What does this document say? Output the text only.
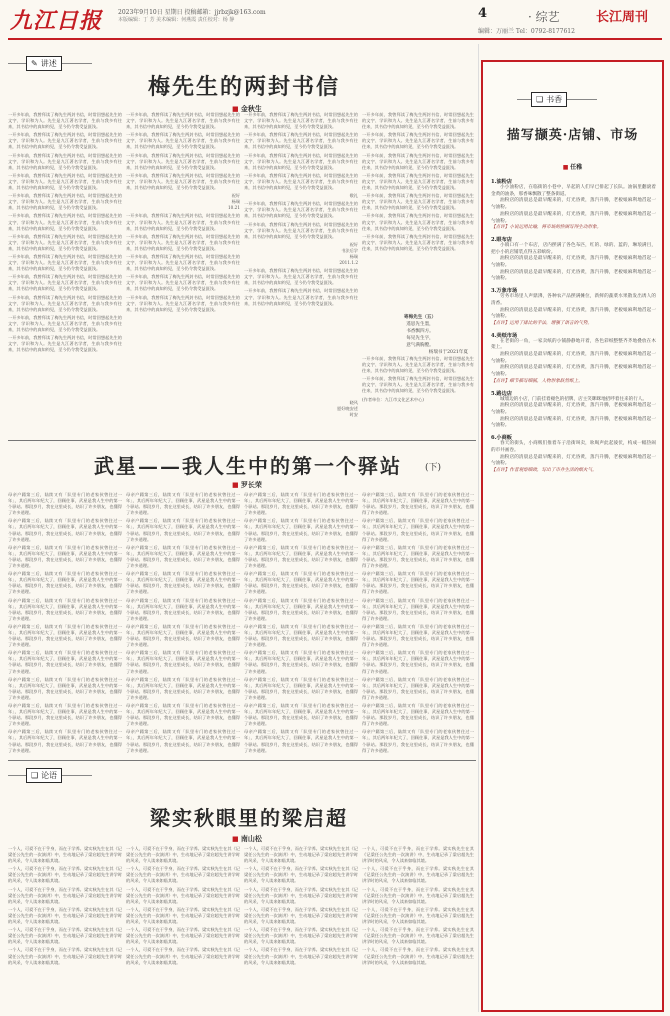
九江日报	2023年9月10日 星期日 投稿邮箱：jjrbzjk@163.com
本版编辑：丁 芳 美术编辑：何燕霞 责任校对：杨 静	4	· 综艺	长江周刊
编辑：万丽兰 Tel：0792-8177612
✎ 讲述
梅先生的两封书信
■ 金秋生

一开多年前，我曾拜读了梅先生两封书信，时常回想起先生的文字、学识和为人。先生是九江著名学者，生前与我多有往来，其书信中的真知灼见，至今仍令我受益匪浅。

一开多年前，我曾拜读了梅先生两封书信，时常回想起先生的文字、学识和为人。先生是九江著名学者，生前与我多有往来，其书信中的真知灼见，至今仍令我受益匪浅。

一开多年前，我曾拜读了梅先生两封书信，时常回想起先生的文字、学识和为人。先生是九江著名学者，生前与我多有往来，其书信中的真知灼见，至今仍令我受益匪浅。

一开多年前，我曾拜读了梅先生两封书信，时常回想起先生的文字、学识和为人。先生是九江著名学者，生前与我多有往来，其书信中的真知灼见，至今仍令我受益匪浅。

一开多年前，我曾拜读了梅先生两封书信，时常回想起先生的文字、学识和为人。先生是九江著名学者，生前与我多有往来，其书信中的真知灼见，至今仍令我受益匪浅。

一开多年前，我曾拜读了梅先生两封书信，时常回想起先生的文字、学识和为人。先生是九江著名学者，生前与我多有往来，其书信中的真知灼见，至今仍令我受益匪浅。

一开多年前，我曾拜读了梅先生两封书信，时常回想起先生的文字、学识和为人。先生是九江著名学者，生前与我多有往来，其书信中的真知灼见，至今仍令我受益匪浅。

一开多年前，我曾拜读了梅先生两封书信，时常回想起先生的文字、学识和为人。先生是九江著名学者，生前与我多有往来，其书信中的真知灼见，至今仍令我受益匪浅。

一开多年前，我曾拜读了梅先生两封书信，时常回想起先生的文字、学识和为人。先生是九江著名学者，生前与我多有往来，其书信中的真知灼见，至今仍令我受益匪浅。

一开多年前，我曾拜读了梅先生两封书信，时常回想起先生的文字、学识和为人。先生是九江著名学者，生前与我多有往来，其书信中的真知灼见，至今仍令我受益匪浅。

一开多年前，我曾拜读了梅先生两封书信，时常回想起先生的文字、学识和为人。先生是九江著名学者，生前与我多有往来，其书信中的真知灼见，至今仍令我受益匪浅。

一开多年前，我曾拜读了梅先生两封书信，时常回想起先生的文字、学识和为人。先生是九江著名学者，生前与我多有往来，其书信中的真知灼见，至今仍令我受益匪浅。

一开多年前，我曾拜读了梅先生两封书信，时常回想起先生的文字、学识和为人。先生是九江著名学者，生前与我多有往来，其书信中的真知灼见，至今仍令我受益匪浅。

一开多年前，我曾拜读了梅先生两封书信，时常回想起先生的文字、学识和为人。先生是九江著名学者，生前与我多有往来，其书信中的真知灼见，至今仍令我受益匪浅。

一开多年前，我曾拜读了梅先生两封书信，时常回想起先生的文字、学识和为人。先生是九江著名学者，生前与我多有往来，其书信中的真知灼见，至今仍令我受益匪浅。

一开多年前，我曾拜读了梅先生两封书信，时常回想起先生的文字、学识和为人。先生是九江著名学者，生前与我多有往来，其书信中的真知灼见，至今仍令我受益匪浅。

祝好

杨瑞

10.21

一开多年前，我曾拜读了梅先生两封书信，时常回想起先生的文字、学识和为人。先生是九江著名学者，生前与我多有往来，其书信中的真知灼见，至今仍令我受益匪浅。

一开多年前，我曾拜读了梅先生两封书信，时常回想起先生的文字、学识和为人。先生是九江著名学者，生前与我多有往来，其书信中的真知灼见，至今仍令我受益匪浅。

一开多年前，我曾拜读了梅先生两封书信，时常回想起先生的文字、学识和为人。先生是九江著名学者，生前与我多有往来，其书信中的真知灼见，至今仍令我受益匪浅。

一开多年前，我曾拜读了梅先生两封书信，时常回想起先生的文字、学识和为人。先生是九江著名学者，生前与我多有往来，其书信中的真知灼见，至今仍令我受益匪浅。

一开多年前，我曾拜读了梅先生两封书信，时常回想起先生的文字、学识和为人。先生是九江著名学者，生前与我多有往来，其书信中的真知灼见，至今仍令我受益匪浅。

一开多年前，我曾拜读了梅先生两封书信，时常回想起先生的文字、学识和为人。先生是九江著名学者，生前与我多有往来，其书信中的真知灼见，至今仍令我受益匪浅。

一开多年前，我曾拜读了梅先生两封书信，时常回想起先生的文字、学识和为人。先生是九江著名学者，生前与我多有往来，其书信中的真知灼见，至今仍令我受益匪浅。

一开多年前，我曾拜读了梅先生两封书信，时常回想起先生的文字、学识和为人。先生是九江著名学者，生前与我多有往来，其书信中的真知灼见，至今仍令我受益匪浅。

一开多年前，我曾拜读了梅先生两封书信，时常回想起先生的文字、学识和为人。先生是九江著名学者，生前与我多有往来，其书信中的真知灼见，至今仍令我受益匪浅。

敬礼

一开多年前，我曾拜读了梅先生两封书信，时常回想起先生的文字、学识和为人。先生是九江著名学者，生前与我多有往来，其书信中的真知灼见，至今仍令我受益匪浅。

一开多年前，我曾拜读了梅先生两封书信，时常回想起先生的文字、学识和为人。先生是九江著名学者，生前与我多有往来，其书信中的真知灼见，至今仍令我受益匪浅。

祝好

书法后学

杨瑞

2011.1.2

一开多年前，我曾拜读了梅先生两封书信，时常回想起先生的文字、学识和为人。先生是九江著名学者，生前与我多有往来，其书信中的真知灼见，至今仍令我受益匪浅。

一开多年前，我曾拜读了梅先生两封书信，时常回想起先生的文字、学识和为人。先生是九江著名学者，生前与我多有往来，其书信中的真知灼见，至今仍令我受益匪浅。

一开多年前，我曾拜读了梅先生两封书信，时常回想起先生的文字、学识和为人。先生是九江著名学者，生前与我多有往来，其书信中的真知灼见，至今仍令我受益匪浅。

一开多年前，我曾拜读了梅先生两封书信，时常回想起先生的文字、学识和为人。先生是九江著名学者，生前与我多有往来，其书信中的真知灼见，至今仍令我受益匪浅。

一开多年前，我曾拜读了梅先生两封书信，时常回想起先生的文字、学识和为人。先生是九江著名学者，生前与我多有往来，其书信中的真知灼见，至今仍令我受益匪浅。

一开多年前，我曾拜读了梅先生两封书信，时常回想起先生的文字、学识和为人。先生是九江著名学者，生前与我多有往来，其书信中的真知灼见，至今仍令我受益匪浅。

一开多年前，我曾拜读了梅先生两封书信，时常回想起先生的文字、学识和为人。先生是九江著名学者，生前与我多有往来，其书信中的真知灼见，至今仍令我受益匪浅。

一开多年前，我曾拜读了梅先生两封书信，时常回想起先生的文字、学识和为人。先生是九江著名学者，生前与我多有往来，其书信中的真知灼见，至今仍令我受益匪浅。

一开多年前，我曾拜读了梅先生两封书信，时常回想起先生的文字、学识和为人。先生是九江著名学者，生前与我多有往来，其书信中的真知灼见，至今仍令我受益匪浅。

寄梅先生（五）
遥思先生墨，
书香飘四方。
每见先生字，
意气满胸膛。
杨瑞书于2021年夏

一开多年前，我曾拜读了梅先生两封书信，时常回想起先生的文字、学识和为人。先生是九江著名学者，生前与我多有往来，其书信中的真知灼见，至今仍令我受益匪浅。

一开多年前，我曾拜读了梅先生两封书信，时常回想起先生的文字、学识和为人。先生是九江著名学者，生前与我多有往来，其书信中的真知灼见，至今仍令我受益匪浅。

(作者单位：九江市文化艺术中心)

晓风

愿好晚安述

时安

武星——我人生中的第一个驿站	(下)
■ 罗长荣

母亲户籍第三后，陆续又有「队里专门的老家伙曾住过一年」，其后两年年纪大了，回顾往事，武星是我人生中的第一个驿站。那段岁月，我在这里成长，结识了许多朋友，也懂得了许多道理。

母亲户籍第三后，陆续又有「队里专门的老家伙曾住过一年」，其后两年年纪大了，回顾往事，武星是我人生中的第一个驿站。那段岁月，我在这里成长，结识了许多朋友，也懂得了许多道理。

母亲户籍第三后，陆续又有「队里专门的老家伙曾住过一年」，其后两年年纪大了，回顾往事，武星是我人生中的第一个驿站。那段岁月，我在这里成长，结识了许多朋友，也懂得了许多道理。

母亲户籍第三后，陆续又有「队里专门的老家伙曾住过一年」，其后两年年纪大了，回顾往事，武星是我人生中的第一个驿站。那段岁月，我在这里成长，结识了许多朋友，也懂得了许多道理。

母亲户籍第三后，陆续又有「队里专门的老家伙曾住过一年」，其后两年年纪大了，回顾往事，武星是我人生中的第一个驿站。那段岁月，我在这里成长，结识了许多朋友，也懂得了许多道理。

母亲户籍第三后，陆续又有「队里专门的老家伙曾住过一年」，其后两年年纪大了，回顾往事，武星是我人生中的第一个驿站。那段岁月，我在这里成长，结识了许多朋友，也懂得了许多道理。

母亲户籍第三后，陆续又有「队里专门的老家伙曾住过一年」，其后两年年纪大了，回顾往事，武星是我人生中的第一个驿站。那段岁月，我在这里成长，结识了许多朋友，也懂得了许多道理。

母亲户籍第三后，陆续又有「队里专门的老家伙曾住过一年」，其后两年年纪大了，回顾往事，武星是我人生中的第一个驿站。那段岁月，我在这里成长，结识了许多朋友，也懂得了许多道理。

母亲户籍第三后，陆续又有「队里专门的老家伙曾住过一年」，其后两年年纪大了，回顾往事，武星是我人生中的第一个驿站。那段岁月，我在这里成长，结识了许多朋友，也懂得了许多道理。

母亲户籍第三后，陆续又有「队里专门的老家伙曾住过一年」，其后两年年纪大了，回顾往事，武星是我人生中的第一个驿站。那段岁月，我在这里成长，结识了许多朋友，也懂得了许多道理。

母亲户籍第三后，陆续又有「队里专门的老家伙曾住过一年」，其后两年年纪大了，回顾往事，武星是我人生中的第一个驿站。那段岁月，我在这里成长，结识了许多朋友，也懂得了许多道理。

母亲户籍第三后，陆续又有「队里专门的老家伙曾住过一年」，其后两年年纪大了，回顾往事，武星是我人生中的第一个驿站。那段岁月，我在这里成长，结识了许多朋友，也懂得了许多道理。

母亲户籍第三后，陆续又有「队里专门的老家伙曾住过一年」，其后两年年纪大了，回顾往事，武星是我人生中的第一个驿站。那段岁月，我在这里成长，结识了许多朋友，也懂得了许多道理。

母亲户籍第三后，陆续又有「队里专门的老家伙曾住过一年」，其后两年年纪大了，回顾往事，武星是我人生中的第一个驿站。那段岁月，我在这里成长，结识了许多朋友，也懂得了许多道理。

母亲户籍第三后，陆续又有「队里专门的老家伙曾住过一年」，其后两年年纪大了，回顾往事，武星是我人生中的第一个驿站。那段岁月，我在这里成长，结识了许多朋友，也懂得了许多道理。

母亲户籍第三后，陆续又有「队里专门的老家伙曾住过一年」，其后两年年纪大了，回顾往事，武星是我人生中的第一个驿站。那段岁月，我在这里成长，结识了许多朋友，也懂得了许多道理。

母亲户籍第三后，陆续又有「队里专门的老家伙曾住过一年」，其后两年年纪大了，回顾往事，武星是我人生中的第一个驿站。那段岁月，我在这里成长，结识了许多朋友，也懂得了许多道理。

母亲户籍第三后，陆续又有「队里专门的老家伙曾住过一年」，其后两年年纪大了，回顾往事，武星是我人生中的第一个驿站。那段岁月，我在这里成长，结识了许多朋友，也懂得了许多道理。

母亲户籍第三后，陆续又有「队里专门的老家伙曾住过一年」，其后两年年纪大了，回顾往事，武星是我人生中的第一个驿站。那段岁月，我在这里成长，结识了许多朋友，也懂得了许多道理。

母亲户籍第三后，陆续又有「队里专门的老家伙曾住过一年」，其后两年年纪大了，回顾往事，武星是我人生中的第一个驿站。那段岁月，我在这里成长，结识了许多朋友，也懂得了许多道理。

母亲户籍第三后，陆续又有「队里专门的老家伙曾住过一年」，其后两年年纪大了，回顾往事，武星是我人生中的第一个驿站。那段岁月，我在这里成长，结识了许多朋友，也懂得了许多道理。

母亲户籍第三后，陆续又有「队里专门的老家伙曾住过一年」，其后两年年纪大了，回顾往事，武星是我人生中的第一个驿站。那段岁月，我在这里成长，结识了许多朋友，也懂得了许多道理。

母亲户籍第三后，陆续又有「队里专门的老家伙曾住过一年」，其后两年年纪大了，回顾往事，武星是我人生中的第一个驿站。那段岁月，我在这里成长，结识了许多朋友，也懂得了许多道理。

母亲户籍第三后，陆续又有「队里专门的老家伙曾住过一年」，其后两年年纪大了，回顾往事，武星是我人生中的第一个驿站。那段岁月，我在这里成长，结识了许多朋友，也懂得了许多道理。

母亲户籍第三后，陆续又有「队里专门的老家伙曾住过一年」，其后两年年纪大了，回顾往事，武星是我人生中的第一个驿站。那段岁月，我在这里成长，结识了许多朋友，也懂得了许多道理。

母亲户籍第三后，陆续又有「队里专门的老家伙曾住过一年」，其后两年年纪大了，回顾往事，武星是我人生中的第一个驿站。那段岁月，我在这里成长，结识了许多朋友，也懂得了许多道理。

母亲户籍第三后，陆续又有「队里专门的老家伙曾住过一年」，其后两年年纪大了，回顾往事，武星是我人生中的第一个驿站。那段岁月，我在这里成长，结识了许多朋友，也懂得了许多道理。

母亲户籍第三后，陆续又有「队里专门的老家伙曾住过一年」，其后两年年纪大了，回顾往事，武星是我人生中的第一个驿站。那段岁月，我在这里成长，结识了许多朋友，也懂得了许多道理。

母亲户籍第三后，陆续又有「队里专门的老家伙曾住过一年」，其后两年年纪大了，回顾往事，武星是我人生中的第一个驿站。那段岁月，我在这里成长，结识了许多朋友，也懂得了许多道理。

母亲户籍第三后，陆续又有「队里专门的老家伙曾住过一年」，其后两年年纪大了，回顾往事，武星是我人生中的第一个驿站。那段岁月，我在这里成长，结识了许多朋友，也懂得了许多道理。

母亲户籍第三后，陆续又有「队里专门的老家伙曾住过一年」，其后两年年纪大了，回顾往事，武星是我人生中的第一个驿站。那段岁月，我在这里成长，结识了许多朋友，也懂得了许多道理。

母亲户籍第三后，陆续又有「队里专门的老家伙曾住过一年」，其后两年年纪大了，回顾往事，武星是我人生中的第一个驿站。那段岁月，我在这里成长，结识了许多朋友，也懂得了许多道理。

母亲户籍第三后，陆续又有「队里专门的老家伙曾住过一年」，其后两年年纪大了，回顾往事，武星是我人生中的第一个驿站。那段岁月，我在这里成长，结识了许多朋友，也懂得了许多道理。

母亲户籍第三后，陆续又有「队里专门的老家伙曾住过一年」，其后两年年纪大了，回顾往事，武星是我人生中的第一个驿站。那段岁月，我在这里成长，结识了许多朋友，也懂得了许多道理。

母亲户籍第三后，陆续又有「队里专门的老家伙曾住过一年」，其后两年年纪大了，回顾往事，武星是我人生中的第一个驿站。那段岁月，我在这里成长，结识了许多朋友，也懂得了许多道理。

母亲户籍第三后，陆续又有「队里专门的老家伙曾住过一年」，其后两年年纪大了，回顾往事，武星是我人生中的第一个驿站。那段岁月，我在这里成长，结识了许多朋友，也懂得了许多道理。

母亲户籍第三后，陆续又有「队里专门的老家伙曾住过一年」，其后两年年纪大了，回顾往事，武星是我人生中的第一个驿站。那段岁月，我在这里成长，结识了许多朋友，也懂得了许多道理。

母亲户籍第三后，陆续又有「队里专门的老家伙曾住过一年」，其后两年年纪大了，回顾往事，武星是我人生中的第一个驿站。那段岁月，我在这里成长，结识了许多朋友，也懂得了许多道理。

母亲户籍第三后，陆续又有「队里专门的老家伙曾住过一年」，其后两年年纪大了，回顾往事，武星是我人生中的第一个驿站。那段岁月，我在这里成长，结识了许多朋友，也懂得了许多道理。

母亲户籍第三后，陆续又有「队里专门的老家伙曾住过一年」，其后两年年纪大了，回顾往事，武星是我人生中的第一个驿站。那段岁月，我在这里成长，结识了许多朋友，也懂得了许多道理。

❑ 论语
梁实秋眼里的梁启超
■ 南山松

一个人，可爱不在于乎身，而在于学养。梁实秋先生在其《记梁任公先生的一次演讲》中，生动地记录了梁启超先生讲学时的风采，令人读来如临其境。

一个人，可爱不在于乎身，而在于学养。梁实秋先生在其《记梁任公先生的一次演讲》中，生动地记录了梁启超先生讲学时的风采，令人读来如临其境。

一个人，可爱不在于乎身，而在于学养。梁实秋先生在其《记梁任公先生的一次演讲》中，生动地记录了梁启超先生讲学时的风采，令人读来如临其境。

一个人，可爱不在于乎身，而在于学养。梁实秋先生在其《记梁任公先生的一次演讲》中，生动地记录了梁启超先生讲学时的风采，令人读来如临其境。

一个人，可爱不在于乎身，而在于学养。梁实秋先生在其《记梁任公先生的一次演讲》中，生动地记录了梁启超先生讲学时的风采，令人读来如临其境。

一个人，可爱不在于乎身，而在于学养。梁实秋先生在其《记梁任公先生的一次演讲》中，生动地记录了梁启超先生讲学时的风采，令人读来如临其境。

一个人，可爱不在于乎身，而在于学养。梁实秋先生在其《记梁任公先生的一次演讲》中，生动地记录了梁启超先生讲学时的风采，令人读来如临其境。

一个人，可爱不在于乎身，而在于学养。梁实秋先生在其《记梁任公先生的一次演讲》中，生动地记录了梁启超先生讲学时的风采，令人读来如临其境。

一个人，可爱不在于乎身，而在于学养。梁实秋先生在其《记梁任公先生的一次演讲》中，生动地记录了梁启超先生讲学时的风采，令人读来如临其境。

一个人，可爱不在于乎身，而在于学养。梁实秋先生在其《记梁任公先生的一次演讲》中，生动地记录了梁启超先生讲学时的风采，令人读来如临其境。

一个人，可爱不在于乎身，而在于学养。梁实秋先生在其《记梁任公先生的一次演讲》中，生动地记录了梁启超先生讲学时的风采，令人读来如临其境。

一个人，可爱不在于乎身，而在于学养。梁实秋先生在其《记梁任公先生的一次演讲》中，生动地记录了梁启超先生讲学时的风采，令人读来如临其境。

一个人，可爱不在于乎身，而在于学养。梁实秋先生在其《记梁任公先生的一次演讲》中，生动地记录了梁启超先生讲学时的风采，令人读来如临其境。

一个人，可爱不在于乎身，而在于学养。梁实秋先生在其《记梁任公先生的一次演讲》中，生动地记录了梁启超先生讲学时的风采，令人读来如临其境。

一个人，可爱不在于乎身，而在于学养。梁实秋先生在其《记梁任公先生的一次演讲》中，生动地记录了梁启超先生讲学时的风采，令人读来如临其境。

一个人，可爱不在于乎身，而在于学养。梁实秋先生在其《记梁任公先生的一次演讲》中，生动地记录了梁启超先生讲学时的风采，令人读来如临其境。

一个人，可爱不在于乎身，而在于学养。梁实秋先生在其《记梁任公先生的一次演讲》中，生动地记录了梁启超先生讲学时的风采，令人读来如临其境。

一个人，可爱不在于乎身，而在于学养。梁实秋先生在其《记梁任公先生的一次演讲》中，生动地记录了梁启超先生讲学时的风采，令人读来如临其境。

一个人，可爱不在于乎身，而在于学养。梁实秋先生在其《记梁任公先生的一次演讲》中，生动地记录了梁启超先生讲学时的风采，令人读来如临其境。

一个人，可爱不在于乎身，而在于学养。梁实秋先生在其《记梁任公先生的一次演讲》中，生动地记录了梁启超先生讲学时的风采，令人读来如临其境。

一个人，可爱不在于乎身，而在于学养。梁实秋先生在其《记梁任公先生的一次演讲》中，生动地记录了梁启超先生讲学时的风采，令人读来如临其境。

一个人，可爱不在于乎身，而在于学养。梁实秋先生在其《记梁任公先生的一次演讲》中，生动地记录了梁启超先生讲学时的风采，令人读来如临其境。

一个人，可爱不在于乎身，而在于学养。梁实秋先生在其《记梁任公先生的一次演讲》中，生动地记录了梁启超先生讲学时的风采，令人读来如临其境。

一个人，可爱不在于乎身，而在于学养。梁实秋先生在其《记梁任公先生的一次演讲》中，生动地记录了梁启超先生讲学时的风采，令人读来如临其境。

❏ 书香
描写撷英·店铺、市场
■ 任稚
1.油粉店

小小油粉店，在临街的小巷中，早起的人们早已排起了长队。油锅里翻滚着金黄的油条，那香味飘散了整条街道。

油粉店的清晨总是最早醒来的，灯光昏黄，蒸汽升腾，老板娘麻利地舀起一勺油粉。

油粉店的清晨总是最早醒来的，灯光昏黄，蒸汽升腾，老板娘麻利地舀起一勺油粉。

【点评】小说运用比喻，将市场的热闹写得生动形象。

2.眼布店

小镇口有一个布店，店内摆满了各色布匹，红的、绿的、蓝的，琳琅满目，把小小的店铺装点得五彩缤纷。

油粉店的清晨总是最早醒来的，灯光昏黄，蒸汽升腾，老板娘麻利地舀起一勺油粉。

油粉店的清晨总是最早醒来的，灯光昏黄，蒸汽升腾，老板娘麻利地舀起一勺油粉。

3.万象市场

劳务市场里人声鼎沸，各种农产品摆满摊位，新鲜的蔬菜水果散发出诱人的清香。

油粉店的清晨总是最早醒来的，灯光昏黄，蒸汽升腾，老板娘麻利地舀起一勺油粉。

【点评】运用了排比的手法，增强了语言的气势。

4.卖纸市场

在老街的一角，一家卖纸的小铺静静地开着，各色彩纸整整齐齐地叠放在木架上。

油粉店的清晨总是最早醒来的，灯光昏黄，蒸汽升腾，老板娘麻利地舀起一勺油粉。

油粉店的清晨总是最早醒来的，灯光昏黄，蒸汽升腾，老板娘麻利地舀起一勺油粉。

【点评】细节描写细腻，人物形象跃然纸上。

5.路边店

城墙边的小店，门前挂着褪色的招牌，店主笑眯眯地招呼着往来的行人。

油粉店的清晨总是最早醒来的，灯光昏黄，蒸汽升腾，老板娘麻利地舀起一勺油粉。

油粉店的清晨总是最早醒来的，灯光昏黄，蒸汽升腾，老板娘麻利地舀起一勺油粉。

6.小商贩

春天的街头，小商贩们推着车子沿街叫卖，吆喝声此起彼伏，构成一幅热闹的市井画卷。

油粉店的清晨总是最早醒来的，灯光昏黄，蒸汽升腾，老板娘麻利地舀起一勺油粉。

【点评】作者观察细致，写出了市井生活的烟火气。
